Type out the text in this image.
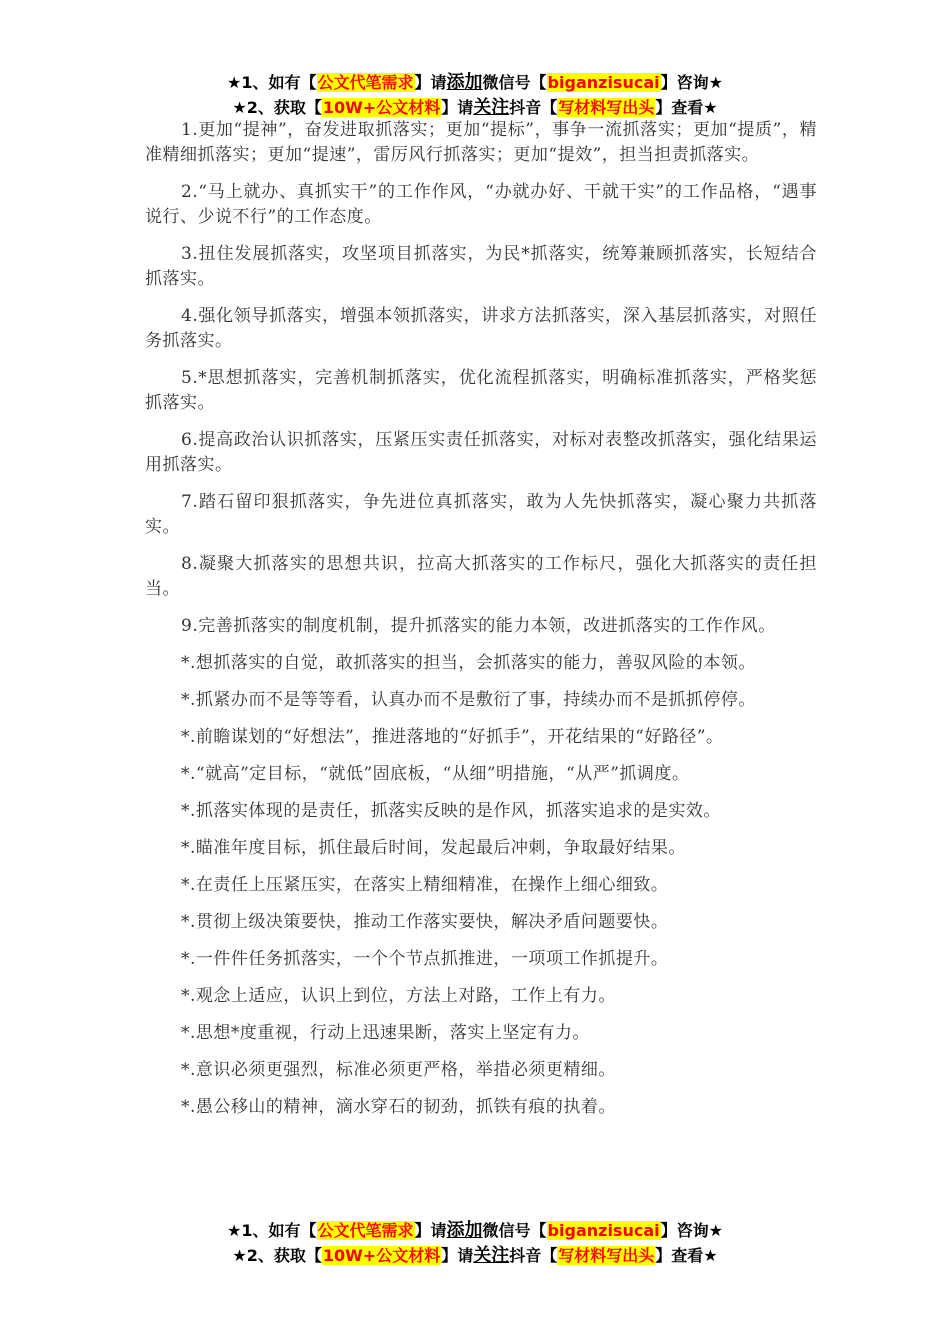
★1、如有【公文代笔需求】请添加微信号【biganzisucai】咨询★
★2、获取【10W+公文材料】请关注抖音【写材料写出头】查看★

1.更加“提神”，奋发进取抓落实；更加“提标”，事争一流抓落实；更加“提质”，精准精细抓落实；更加“提速”，雷厉风行抓落实；更加“提效”，担当担责抓落实。

2.“马上就办、真抓实干”的工作作风，“办就办好、干就干实”的工作品格，“遇事说行、少说不行”的工作态度。

3.扭住发展抓落实，攻坚项目抓落实，为民*抓落实，统筹兼顾抓落实，长短结合抓落实。

4.强化领导抓落实，增强本领抓落实，讲求方法抓落实，深入基层抓落实，对照任务抓落实。

5.*思想抓落实，完善机制抓落实，优化流程抓落实，明确标准抓落实，严格奖惩抓落实。

6.提高政治认识抓落实，压紧压实责任抓落实，对标对表整改抓落实，强化结果运用抓落实。

7.踏石留印狠抓落实，争先进位真抓落实，敢为人先快抓落实，凝心聚力共抓落实。

8.凝聚大抓落实的思想共识，拉高大抓落实的工作标尺，强化大抓落实的责任担当。

9.完善抓落实的制度机制，提升抓落实的能力本领，改进抓落实的工作作风。

*.想抓落实的自觉，敢抓落实的担当，会抓落实的能力，善驭风险的本领。

*.抓紧办而不是等等看，认真办而不是敷衍了事，持续办而不是抓抓停停。

*.前瞻谋划的“好想法”，推进落地的“好抓手”，开花结果的“好路径”。

*.“就高”定目标，“就低”固底板，“从细”明措施，“从严”抓调度。

*.抓落实体现的是责任，抓落实反映的是作风，抓落实追求的是实效。

*.瞄准年度目标，抓住最后时间，发起最后冲刺，争取最好结果。

*.在责任上压紧压实，在落实上精细精准，在操作上细心细致。

*.贯彻上级决策要快，推动工作落实要快，解决矛盾问题要快。

*.一件件任务抓落实，一个个节点抓推进，一项项工作抓提升。

*.观念上适应，认识上到位，方法上对路，工作上有力。

*.思想*度重视，行动上迅速果断，落实上坚定有力。

*.意识必须更强烈，标准必须更严格，举措必须更精细。

*.愚公移山的精神，滴水穿石的韧劲，抓铁有痕的执着。

★1、如有【公文代笔需求】请添加微信号【biganzisucai】咨询★
★2、获取【10W+公文材料】请关注抖音【写材料写出头】查看★
